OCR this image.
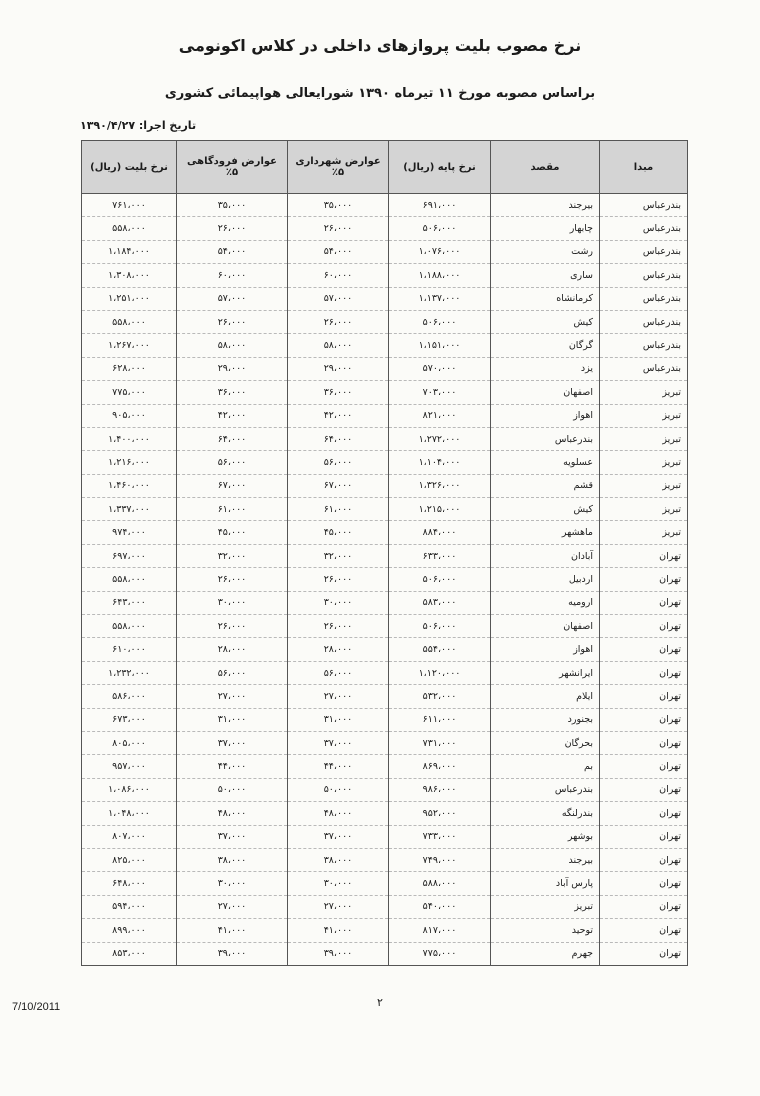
نرخ مصوب بلیت پروازهای داخلی در کلاس اکونومی
براساس مصوبه مورخ ۱۱ تیرماه ۱۳۹۰ شورایعالی هواپیمائی کشوری
تاریخ اجرا: ۱۳۹۰/۴/۲۷
مبدا	مقصد	نرخ پایه (ریال)	عوارض شهرداری ۵٪	عوارض فرودگاهی ۵٪	نرخ بلیت (ریال)
بندرعباس	بیرجند	۶۹۱،۰۰۰	۳۵،۰۰۰	۳۵،۰۰۰	۷۶۱،۰۰۰
بندرعباس	چابهار	۵۰۶،۰۰۰	۲۶،۰۰۰	۲۶،۰۰۰	۵۵۸،۰۰۰
بندرعباس	رشت	۱،۰۷۶،۰۰۰	۵۴،۰۰۰	۵۴،۰۰۰	۱،۱۸۴،۰۰۰
بندرعباس	ساری	۱،۱۸۸،۰۰۰	۶۰،۰۰۰	۶۰،۰۰۰	۱،۳۰۸،۰۰۰
بندرعباس	کرمانشاه	۱،۱۳۷،۰۰۰	۵۷،۰۰۰	۵۷،۰۰۰	۱،۲۵۱،۰۰۰
بندرعباس	کیش	۵۰۶،۰۰۰	۲۶،۰۰۰	۲۶،۰۰۰	۵۵۸،۰۰۰
بندرعباس	گرگان	۱،۱۵۱،۰۰۰	۵۸،۰۰۰	۵۸،۰۰۰	۱،۲۶۷،۰۰۰
بندرعباس	یزد	۵۷۰،۰۰۰	۲۹،۰۰۰	۲۹،۰۰۰	۶۲۸،۰۰۰
تبریز	اصفهان	۷۰۳،۰۰۰	۳۶،۰۰۰	۳۶،۰۰۰	۷۷۵،۰۰۰
تبریز	اهواز	۸۲۱،۰۰۰	۴۲،۰۰۰	۴۲،۰۰۰	۹۰۵،۰۰۰
تبریز	بندرعباس	۱،۲۷۲،۰۰۰	۶۴،۰۰۰	۶۴،۰۰۰	۱،۴۰۰،۰۰۰
تبریز	عسلویه	۱،۱۰۴،۰۰۰	۵۶،۰۰۰	۵۶،۰۰۰	۱،۲۱۶،۰۰۰
تبریز	قشم	۱،۳۲۶،۰۰۰	۶۷،۰۰۰	۶۷،۰۰۰	۱،۴۶۰،۰۰۰
تبریز	کیش	۱،۲۱۵،۰۰۰	۶۱،۰۰۰	۶۱،۰۰۰	۱،۳۳۷،۰۰۰
تبریز	ماهشهر	۸۸۴،۰۰۰	۴۵،۰۰۰	۴۵،۰۰۰	۹۷۴،۰۰۰
تهران	آبادان	۶۳۳،۰۰۰	۳۲،۰۰۰	۳۲،۰۰۰	۶۹۷،۰۰۰
تهران	اردبیل	۵۰۶،۰۰۰	۲۶،۰۰۰	۲۶،۰۰۰	۵۵۸،۰۰۰
تهران	ارومیه	۵۸۳،۰۰۰	۳۰،۰۰۰	۳۰،۰۰۰	۶۴۳،۰۰۰
تهران	اصفهان	۵۰۶،۰۰۰	۲۶،۰۰۰	۲۶،۰۰۰	۵۵۸،۰۰۰
تهران	اهواز	۵۵۴،۰۰۰	۲۸،۰۰۰	۲۸،۰۰۰	۶۱۰،۰۰۰
تهران	ایرانشهر	۱،۱۲۰،۰۰۰	۵۶،۰۰۰	۵۶،۰۰۰	۱،۲۳۲،۰۰۰
تهران	ایلام	۵۳۲،۰۰۰	۲۷،۰۰۰	۲۷،۰۰۰	۵۸۶،۰۰۰
تهران	بجنورد	۶۱۱،۰۰۰	۳۱،۰۰۰	۳۱،۰۰۰	۶۷۳،۰۰۰
تهران	بحرگان	۷۳۱،۰۰۰	۳۷،۰۰۰	۳۷،۰۰۰	۸۰۵،۰۰۰
تهران	بم	۸۶۹،۰۰۰	۴۴،۰۰۰	۴۴،۰۰۰	۹۵۷،۰۰۰
تهران	بندرعباس	۹۸۶،۰۰۰	۵۰،۰۰۰	۵۰،۰۰۰	۱،۰۸۶،۰۰۰
تهران	بندرلنگه	۹۵۲،۰۰۰	۴۸،۰۰۰	۴۸،۰۰۰	۱،۰۴۸،۰۰۰
تهران	بوشهر	۷۳۳،۰۰۰	۳۷،۰۰۰	۳۷،۰۰۰	۸۰۷،۰۰۰
تهران	بیرجند	۷۴۹،۰۰۰	۳۸،۰۰۰	۳۸،۰۰۰	۸۲۵،۰۰۰
تهران	پارس آباد	۵۸۸،۰۰۰	۳۰،۰۰۰	۳۰،۰۰۰	۶۴۸،۰۰۰
تهران	تبریز	۵۴۰،۰۰۰	۲۷،۰۰۰	۲۷،۰۰۰	۵۹۴،۰۰۰
تهران	توحید	۸۱۷،۰۰۰	۴۱،۰۰۰	۴۱،۰۰۰	۸۹۹،۰۰۰
تهران	جهرم	۷۷۵،۰۰۰	۳۹،۰۰۰	۳۹،۰۰۰	۸۵۳،۰۰۰
۲
7/10/2011
